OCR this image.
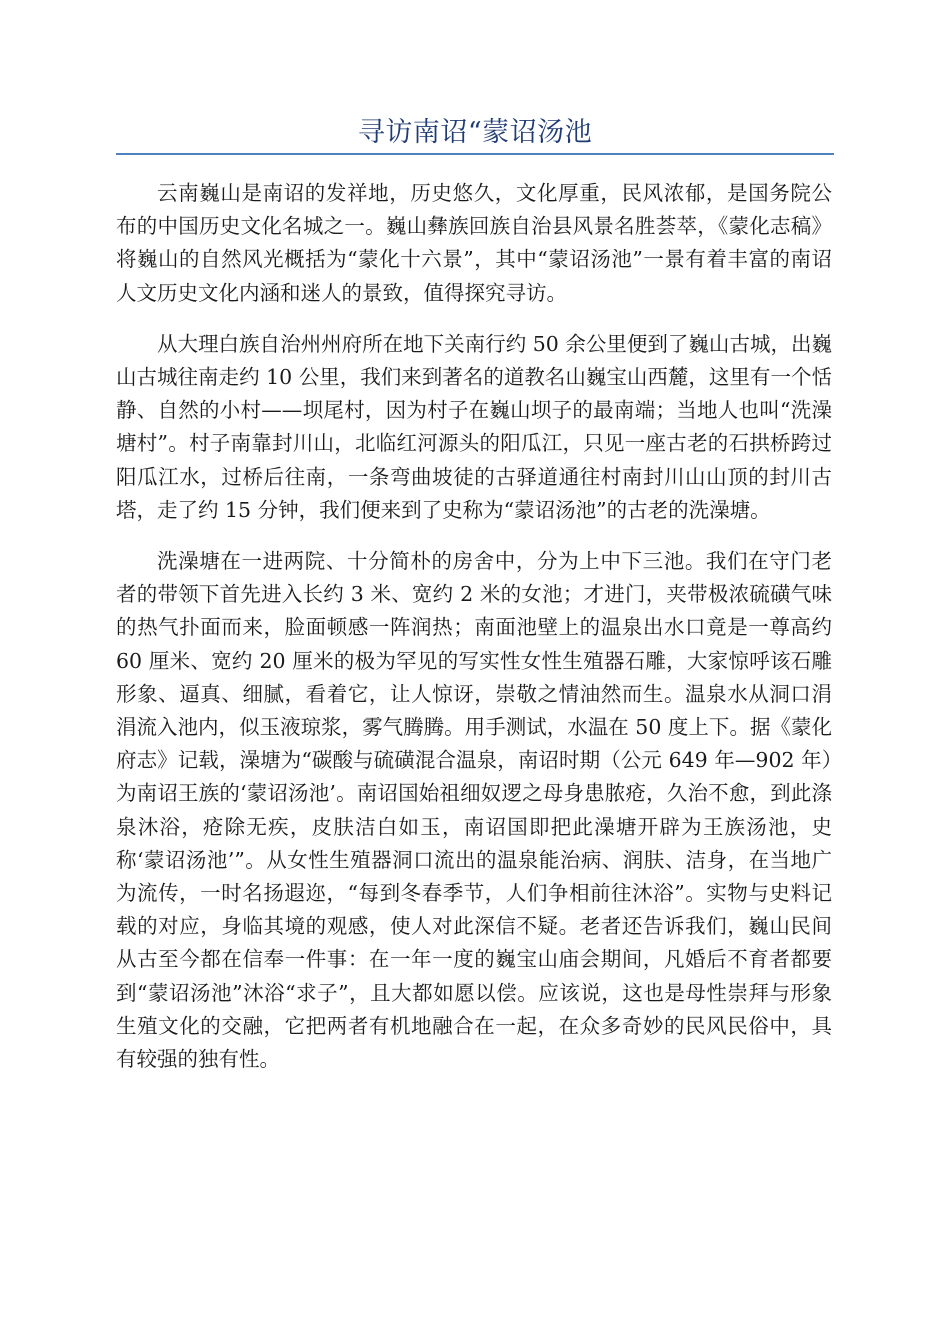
寻访南诏“蒙诏汤池

云南巍山是南诏的发祥地，历史悠久，文化厚重，民风浓郁，是国务院公布的中国历史文化名城之一。巍山彝族回族自治县风景名胜荟萃，《蒙化志稿》将巍山的自然风光概括为“蒙化十六景”，其中“蒙诏汤池”一景有着丰富的南诏人文历史文化内涵和迷人的景致，值得探究寻访。

从大理白族自治州州府所在地下关南行约 50 余公里便到了巍山古城，出巍山古城往南走约 10 公里，我们来到著名的道教名山巍宝山西麓，这里有一个恬静、自然的小村——坝尾村，因为村子在巍山坝子的最南端；当地人也叫“洗澡塘村”。村子南靠封川山，北临红河源头的阳瓜江，只见一座古老的石拱桥跨过阳瓜江水，过桥后往南，一条弯曲坡徒的古驿道通往村南封川山山顶的封川古塔，走了约 15 分钟，我们便来到了史称为“蒙诏汤池”的古老的洗澡塘。

洗澡塘在一进两院、十分简朴的房舍中，分为上中下三池。我们在守门老者的带领下首先进入长约 3 米、宽约 2 米的女池；才进门，夹带极浓硫磺气味的热气扑面而来，脸面顿感一阵润热；南面池壁上的温泉出水口竟是一尊高约 60 厘米、宽约 20 厘米的极为罕见的写实性女性生殖器石雕，大家惊呼该石雕形象、逼真、细腻，看着它，让人惊讶，崇敬之情油然而生。温泉水从洞口涓涓流入池内，似玉液琼浆，雾气腾腾。用手测试，水温在 50 度上下。据《蒙化府志》记载，澡塘为“碳酸与硫磺混合温泉，南诏时期（公元 649 年—902 年）为南诏王族的‘蒙诏汤池’。南诏国始祖细奴逻之母身患脓疮，久治不愈，到此涤泉沐浴，疮除无疾，皮肤洁白如玉，南诏国即把此澡塘开辟为王族汤池，史称‘蒙诏汤池’”。从女性生殖器洞口流出的温泉能治病、润肤、洁身，在当地广为流传，一时名扬遐迩，“每到冬春季节，人们争相前往沐浴”。实物与史料记载的对应，身临其境的观感，使人对此深信不疑。老者还告诉我们，巍山民间从古至今都在信奉一件事：在一年一度的巍宝山庙会期间，凡婚后不育者都要到“蒙诏汤池”沐浴“求子”，且大都如愿以偿。应该说，这也是母性崇拜与形象生殖文化的交融，它把两者有机地融合在一起，在众多奇妙的民风民俗中，具有较强的独有性。
